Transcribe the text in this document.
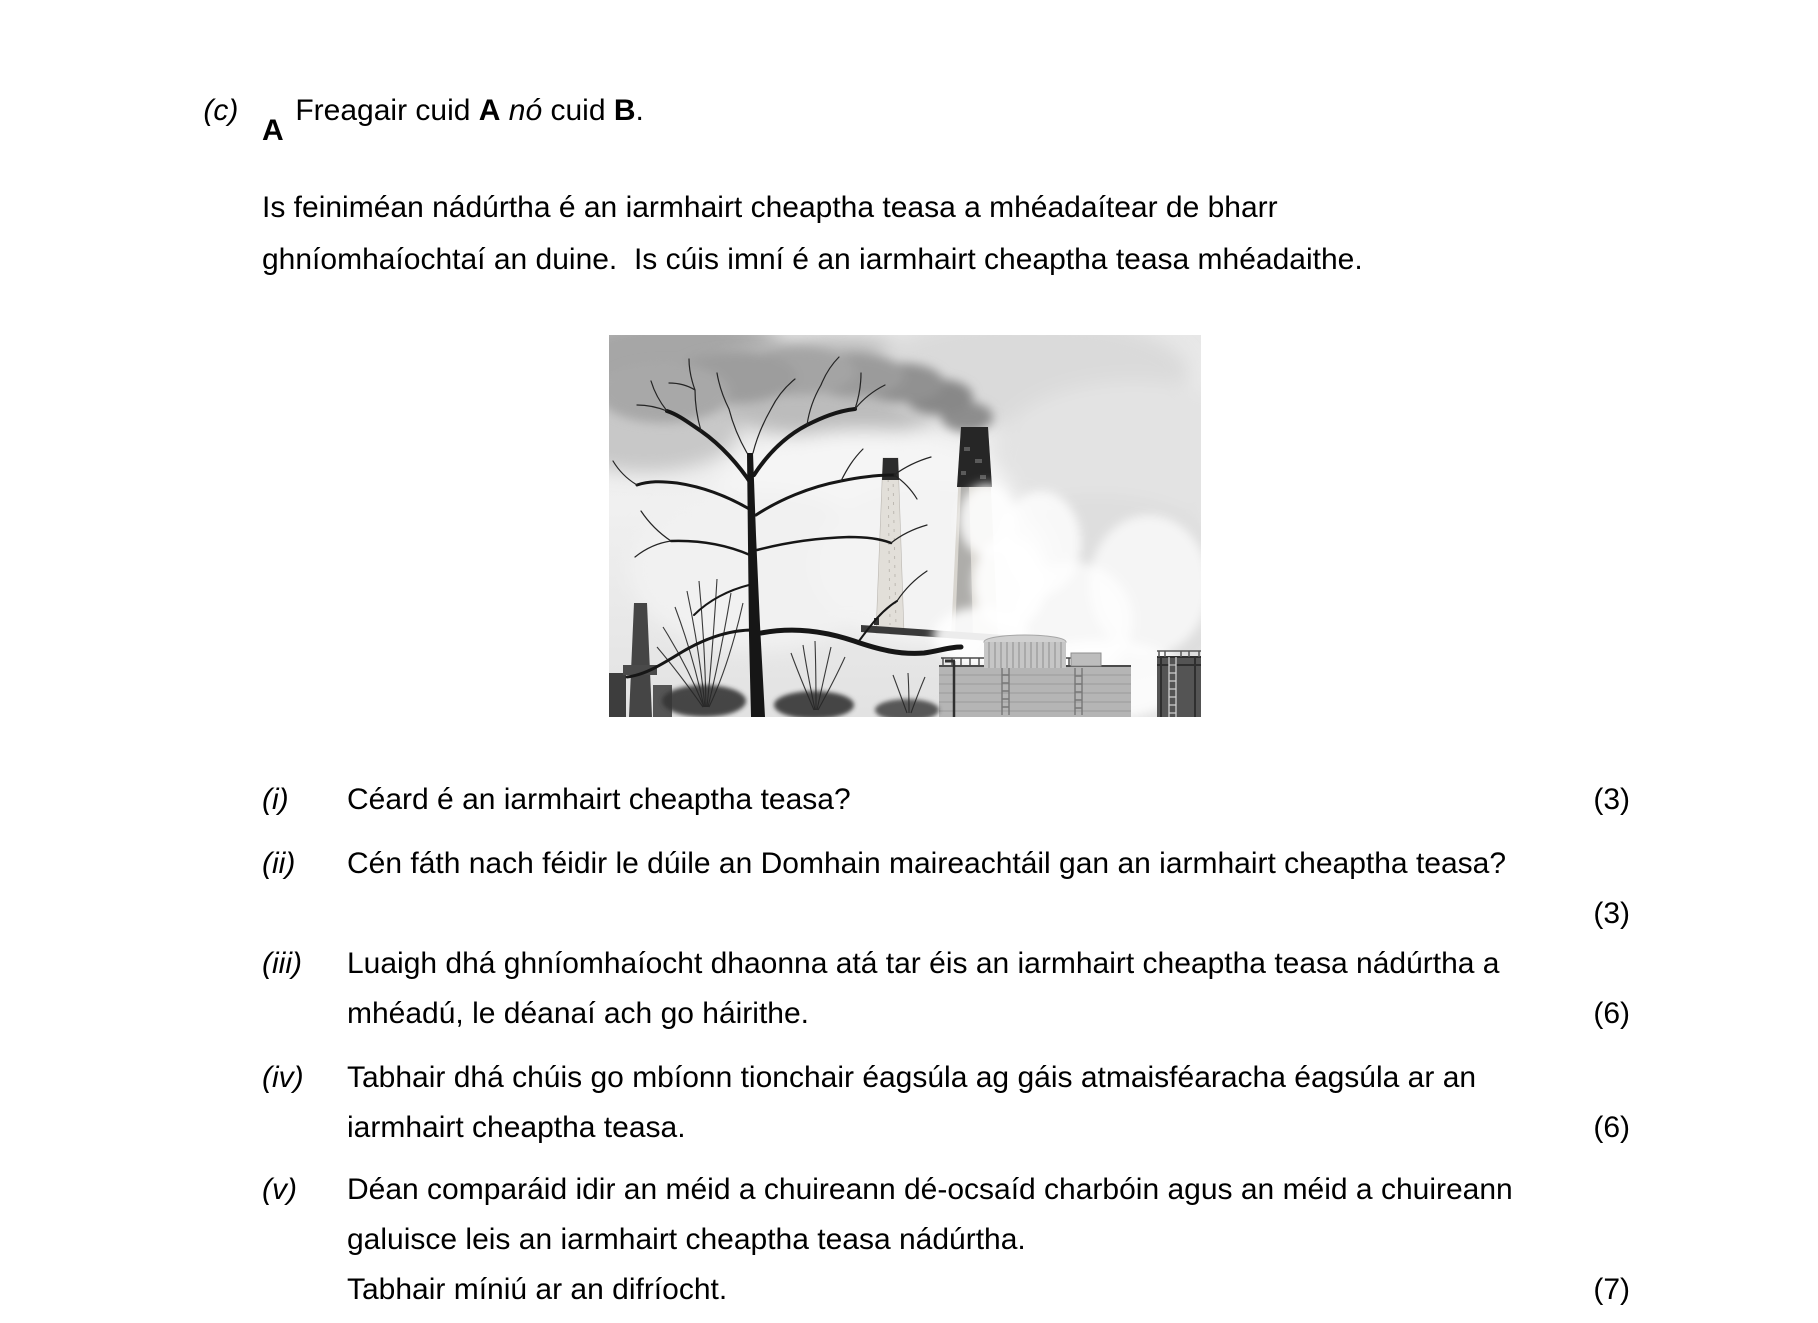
(c) Freagair cuid A nó cuid B.

A
Is feiniméan nádúrtha é an iarmhairt cheaptha teasa a mhéadaítear de bharr
ghníomhaíochtaí an duine.  Is cúis imní é an iarmhairt cheaptha teasa mhéadaithe.
(i) Céard é an iarmhairt cheaptha teasa?	(3)
(ii) Cén fáth nach féidir le dúile an Domhain maireachtáil gan an iarmhairt cheaptha teasa?
(3)
(iii) Luaigh dhá ghníomhaíocht dhaonna atá tar éis an iarmhairt cheaptha teasa nádúrtha a
mhéadú, le déanaí ach go háirithe.	(6)
(iv) Tabhair dhá chúis go mbíonn tionchair éagsúla ag gáis atmaisféaracha éagsúla ar an
iarmhairt cheaptha teasa.	(6)
(v) Déan comparáid idir an méid a chuireann dé-ocsaíd charbóin agus an méid a chuireann
galuisce leis an iarmhairt cheaptha teasa nádúrtha.
Tabhair míniú ar an difríocht.	(7)
